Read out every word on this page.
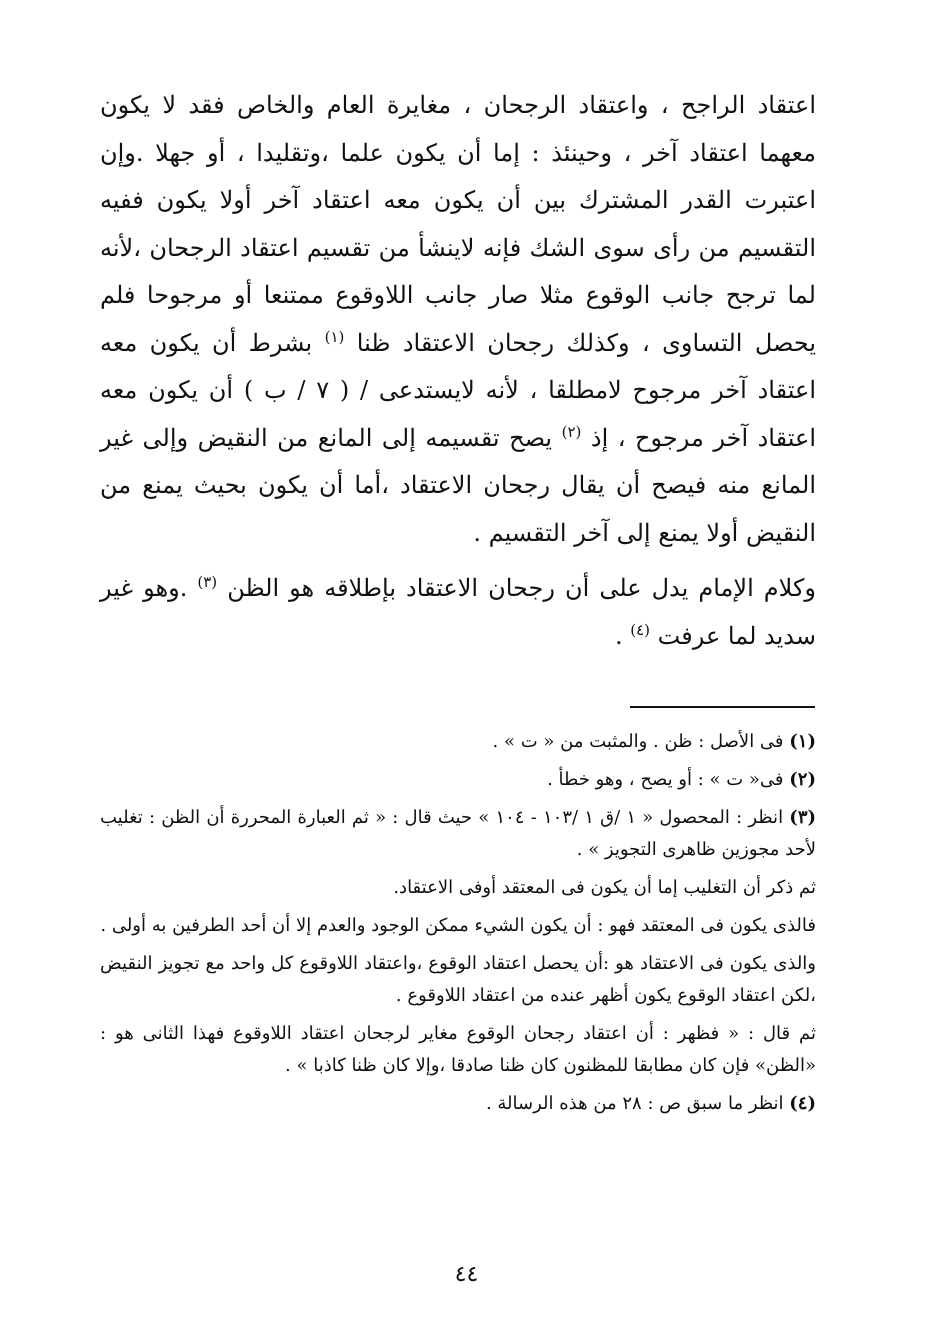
اعتقاد الراجح ، واعتقاد الرجحان ، مغايرة العام والخاص فقد لا يكون معهما اعتقاد آخر ، وحينئذ : إما أن يكون علما ،وتقليدا ، أو جهلا .وإن اعتبرت القدر المشترك بين أن يكون معه اعتقاد آخر أولا يكون ففيه التقسيم من رأى سوى الشك فإنه لاينشأ من تقسيم اعتقاد الرجحان ،لأنه لما ترجح جانب الوقوع مثلا صار جانب اللاوقوع ممتنعا أو مرجوحا فلم يحصل التساوى ، وكذلك رجحان الاعتقاد ظنا $^{(١)}$ بشرط أن يكون معه اعتقاد آخر مرجوح لامطلقا ، لأنه لايستدعى / ( ٧ / ب ) أن يكون معه اعتقاد آخر مرجوح ، إذ $^{(٢)}$ يصح تقسيمه إلى المانع من النقيض وإلى غير المانع منه فيصح أن يقال رجحان الاعتقاد ،أما أن يكون بحيث يمنع من النقيض أولا يمنع إلى آخر التقسيم .

وكلام الإمام يدل على أن رجحان الاعتقاد بإطلاقه هو الظن $^{(٣)}$ .وهو غير سديد لما عرفت $^{(٤)}$ .

(١) فى الأصل : ظن . والمثبت من « ت » .

(٢) فى« ت » : أو يصح ، وهو خطأ .

(٣) انظر : المحصول « ١ /ق ١ /١٠٣ - ١٠٤ » حيث قال : « ثم العبارة المحررة أن الظن : تغليب لأحد مجوزين ظاهرى التجويز » .

ثم ذكر أن التغليب إما أن يكون فى المعتقد أوفى الاعتقاد.

فالذى يكون فى المعتقد فهو : أن يكون الشيء ممكن الوجود والعدم إلا أن أحد الطرفين به أولى .

والذى يكون فى الاعتقاد هو :أن يحصل اعتقاد الوقوع ،واعتقاد اللاوقوع كل واحد مع تجويز النقيض ،لكن اعتقاد الوقوع يكون أظهر عنده من اعتقاد اللاوقوع .

ثم قال : « فظهر : أن اعتقاد رجحان الوقوع مغاير لرجحان اعتقاد اللاوقوع فهذا الثانى هو : «الظن» فإن كان مطابقا للمظنون كان ظنا صادقا ،وإلا كان ظنا كاذبا » .

(٤) انظر ما سبق ص : ٢٨ من هذه الرسالة .

٤٤
